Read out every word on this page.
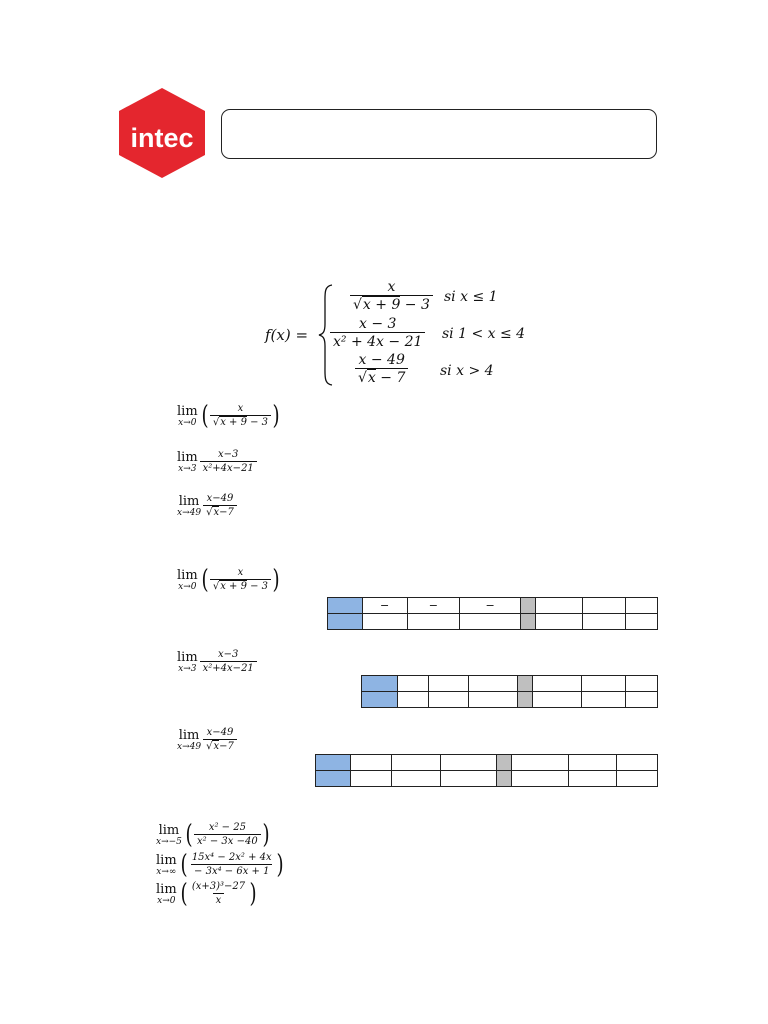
intec
f(x) =
$\frac{x}{√x + 9 - 3}$ si x ≤ 1
$\frac{x - 3}{\text{x² + 4x − 21}}$ si 1 < x ≤ 4
$\frac{x - 49}{√x - 7}$ si x > 4
lim
x→0 ( $\frac{x}{√x + 9 - 3}$ )
lim
$x\to 3 \frac{x-3}{\text{x²+4x−21}}$
lim
$x\to 49 \frac{x-49}{√x-7}$
lim
x→0 ( $\frac{x}{√x + 9 - 3}$ )
	−	−	−				

lim
$x\to 3 \frac{x-3}{\text{x²+4x−21}}$

lim
$x\to 49 \frac{x-49}{√x-7}$

lim
x→−5 ( $\frac{\text{x² − 25}}{\text{x² − 3x −40}}$ )
lim
x→∞ ( $\frac{\text{15x⁴ − 2x² + 4x}}{\text{− 3x⁴ − 6x + 1}}$ )
lim
x→0 ( $\frac{\text{(x+3)³−27}}{x}$ )
